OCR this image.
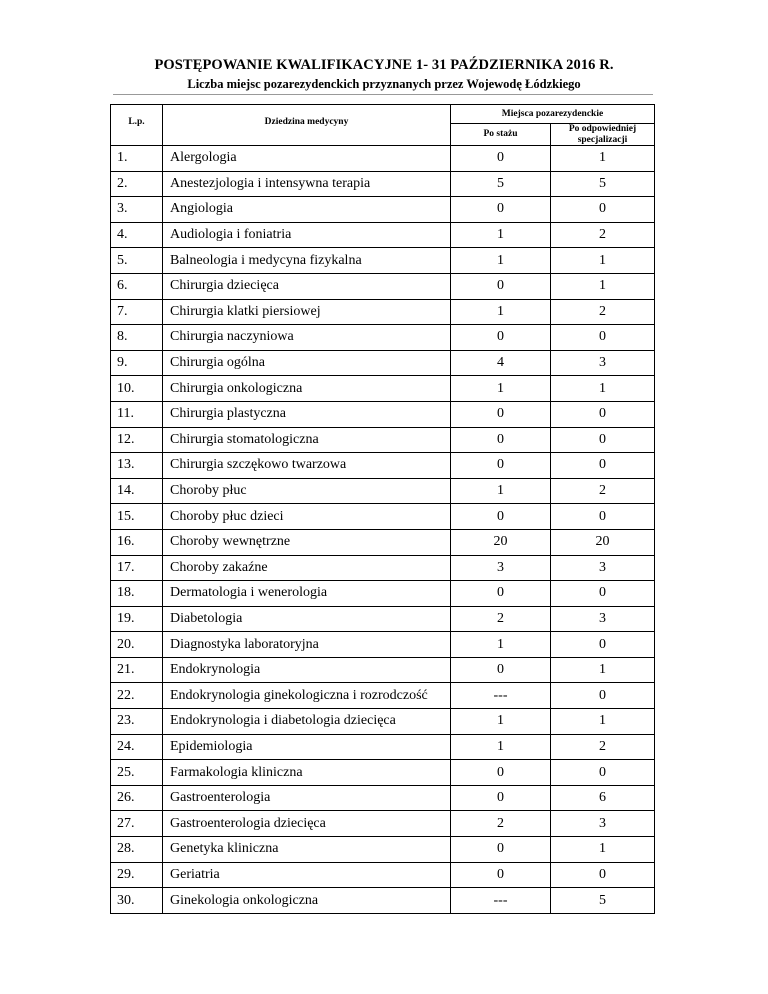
POSTĘPOWANIE KWALIFIKACYJNE 1- 31 PAŹDZIERNIKA 2016 R.
Liczba miejsc pozarezydenckich przyznanych przez Wojewodę Łódzkiego
L.p.	Dziedzina medycyny	Miejsca pozarezydenckie	
		Po stażu	Po odpowiedniej specjalizacji
1.	Alergologia	0	1
2.	Anestezjologia i intensywna terapia	5	5
3.	Angiologia	0	0
4.	Audiologia i foniatria	1	2
5.	Balneologia i medycyna fizykalna	1	1
6.	Chirurgia dziecięca	0	1
7.	Chirurgia klatki piersiowej	1	2
8.	Chirurgia naczyniowa	0	0
9.	Chirurgia ogólna	4	3
10.	Chirurgia onkologiczna	1	1
11.	Chirurgia plastyczna	0	0
12.	Chirurgia stomatologiczna	0	0
13.	Chirurgia szczękowo twarzowa	0	0
14.	Choroby płuc	1	2
15.	Choroby płuc dzieci	0	0
16.	Choroby wewnętrzne	20	20
17.	Choroby zakaźne	3	3
18.	Dermatologia i wenerologia	0	0
19.	Diabetologia	2	3
20.	Diagnostyka laboratoryjna	1	0
21.	Endokrynologia	0	1
22.	Endokrynologia ginekologiczna i rozrodczość	---	0
23.	Endokrynologia i diabetologia dziecięca	1	1
24.	Epidemiologia	1	2
25.	Farmakologia kliniczna	0	0
26.	Gastroenterologia	0	6
27.	Gastroenterologia dziecięca	2	3
28.	Genetyka kliniczna	0	1
29.	Geriatria	0	0
30.	Ginekologia onkologiczna	---	5
